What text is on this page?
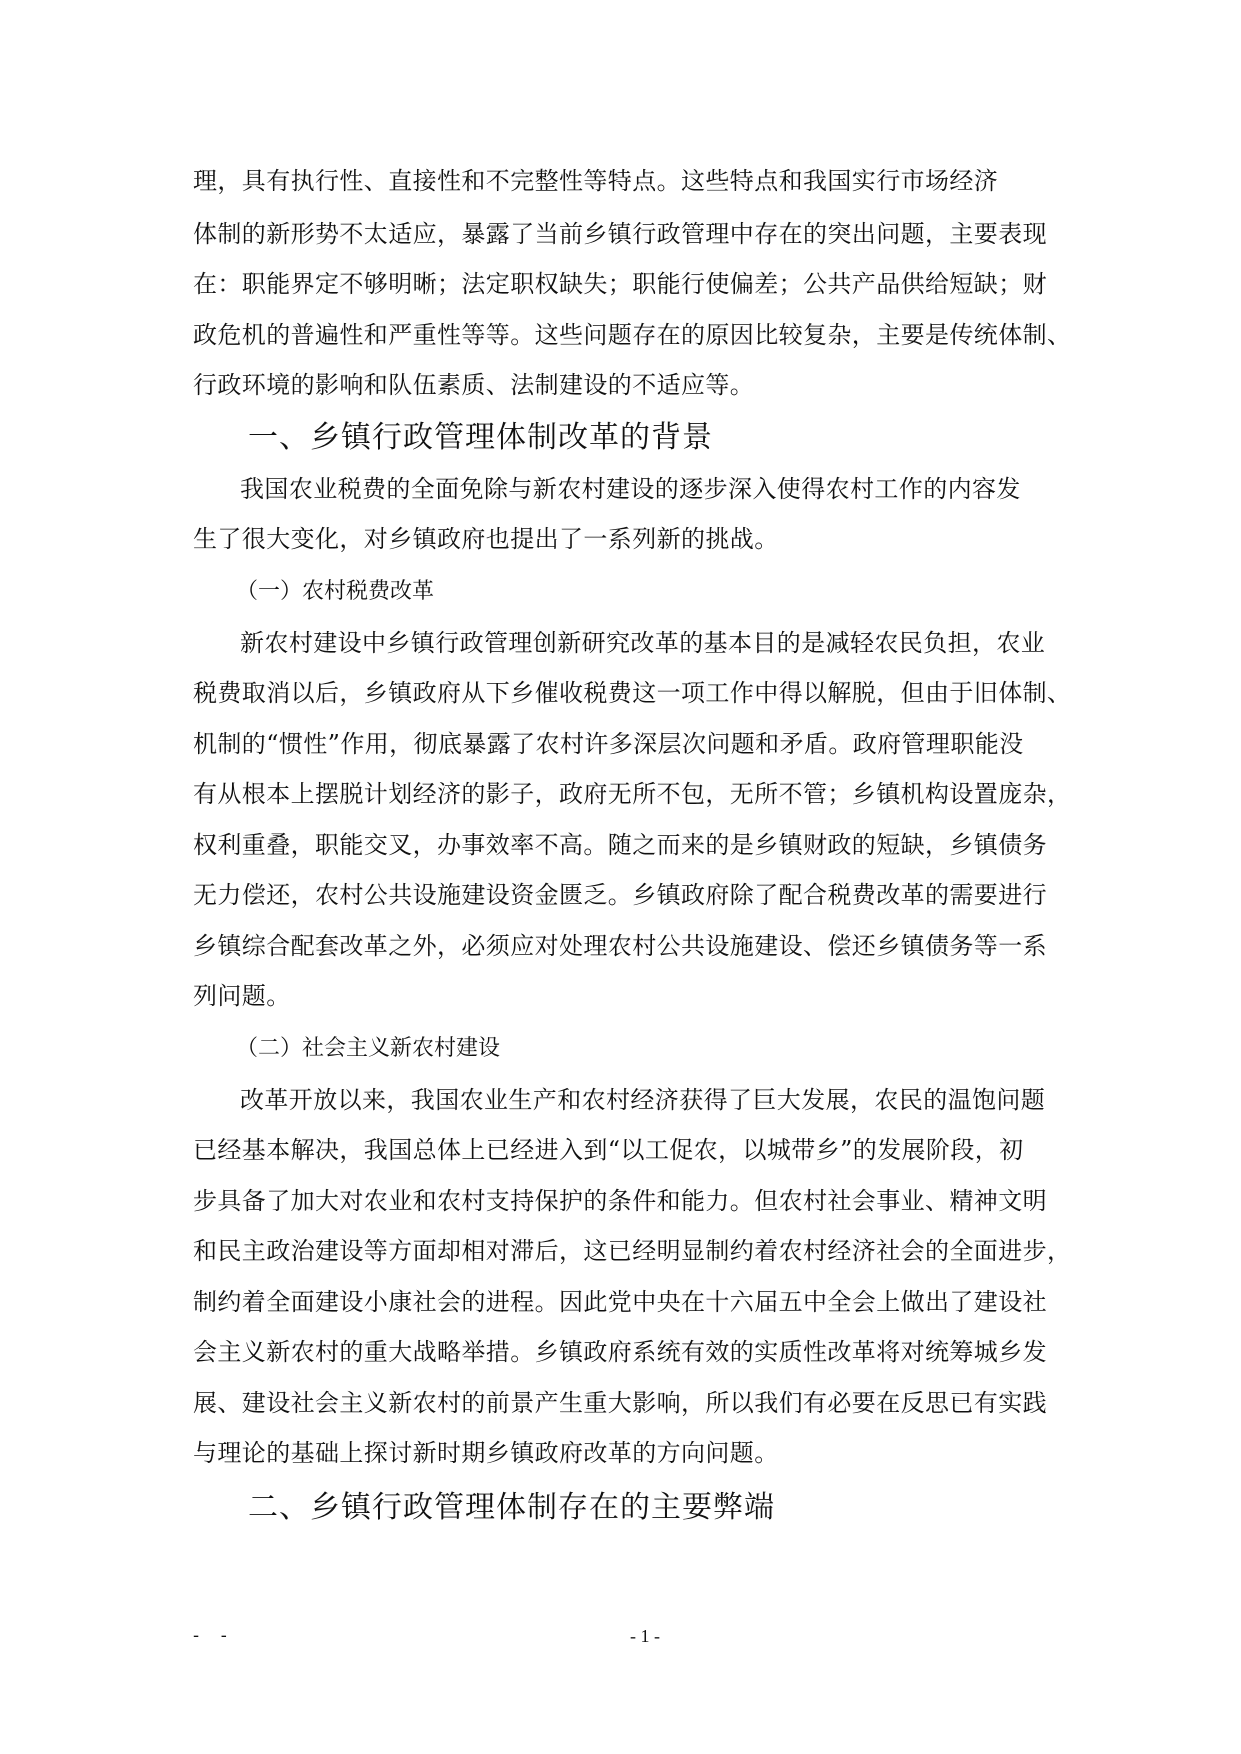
理，具有执行性、直接性和不完整性等特点。这些特点和我国实行市场经济
体制的新形势不太适应，暴露了当前乡镇行政管理中存在的突出问题，主要表现
在：职能界定不够明晰；法定职权缺失；职能行使偏差；公共产品供给短缺；财
政危机的普遍性和严重性等等。这些问题存在的原因比较复杂，主要是传统体制、
行政环境的影响和队伍素质、法制建设的不适应等。
一、乡镇行政管理体制改革的背景
我国农业税费的全面免除与新农村建设的逐步深入使得农村工作的内容发
生了很大变化，对乡镇政府也提出了一系列新的挑战。
（一）农村税费改革
新农村建设中乡镇行政管理创新研究改革的基本目的是减轻农民负担，农业
税费取消以后，乡镇政府从下乡催收税费这一项工作中得以解脱，但由于旧体制、
机制的“惯性”作用，彻底暴露了农村许多深层次问题和矛盾。政府管理职能没
有从根本上摆脱计划经济的影子，政府无所不包，无所不管；乡镇机构设置庞杂，
权利重叠，职能交叉，办事效率不高。随之而来的是乡镇财政的短缺，乡镇债务
无力偿还，农村公共设施建设资金匮乏。乡镇政府除了配合税费改革的需要进行
乡镇综合配套改革之外，必须应对处理农村公共设施建设、偿还乡镇债务等一系
列问题。
（二）社会主义新农村建设
改革开放以来，我国农业生产和农村经济获得了巨大发展，农民的温饱问题
已经基本解决，我国总体上已经进入到“以工促农，以城带乡”的发展阶段，初
步具备了加大对农业和农村支持保护的条件和能力。但农村社会事业、精神文明
和民主政治建设等方面却相对滞后，这已经明显制约着农村经济社会的全面进步，
制约着全面建设小康社会的进程。因此党中央在十六届五中全会上做出了建设社
会主义新农村的重大战略举措。乡镇政府系统有效的实质性改革将对统筹城乡发
展、建设社会主义新农村的前景产生重大影响，所以我们有必要在反思已有实践
与理论的基础上探讨新时期乡镇政府改革的方向问题。
二、乡镇行政管理体制存在的主要弊端
- -	- 1 -
